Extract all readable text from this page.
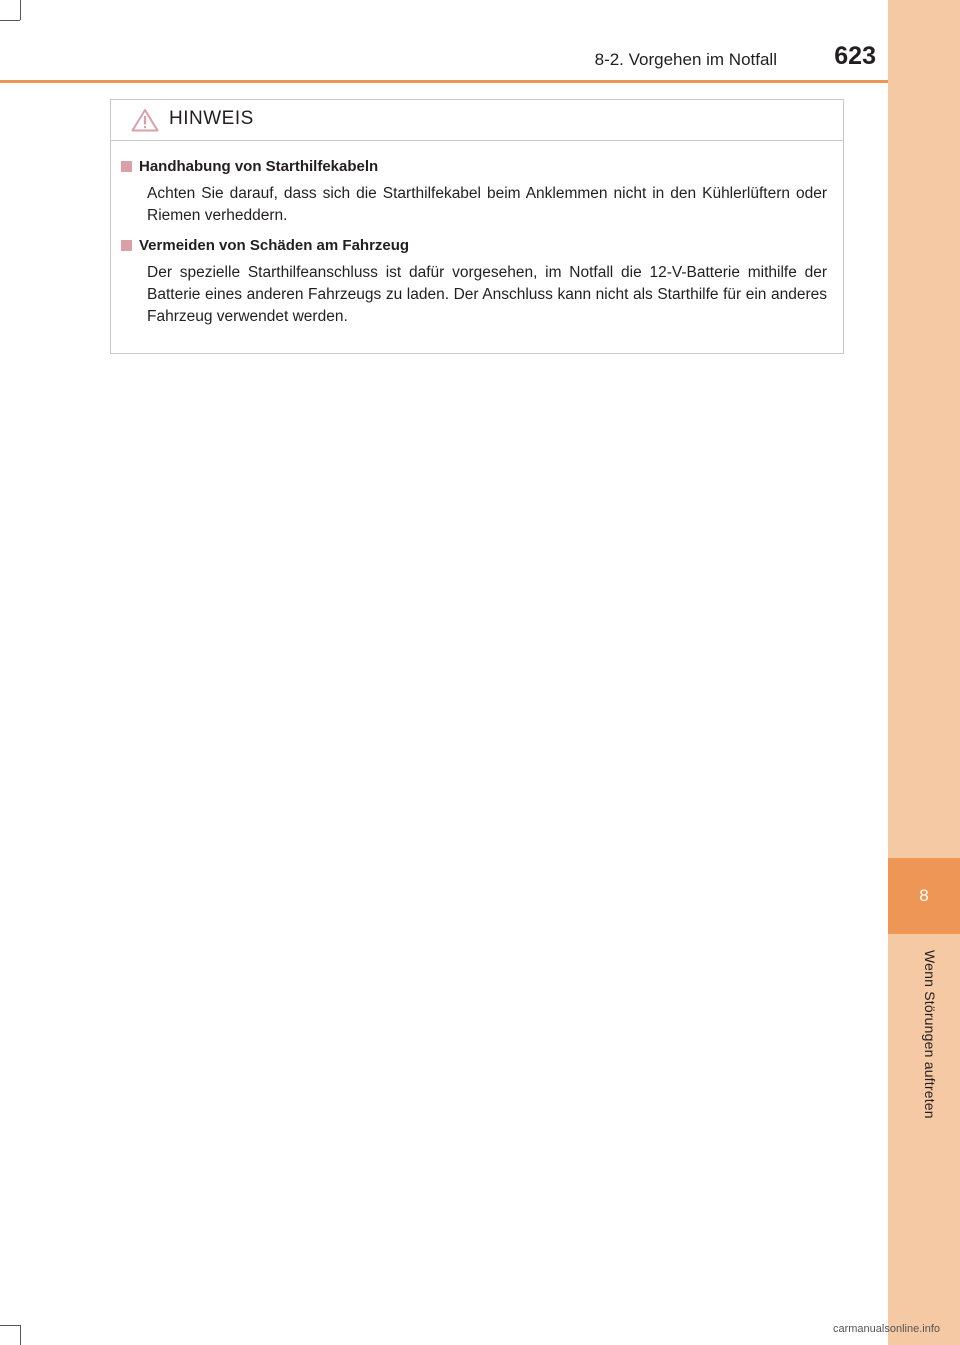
8-2. Vorgehen im Notfall 623
8
Wenn Störungen auftreten
HINWEIS
Handhabung von Starthilfekabeln
Achten Sie darauf, dass sich die Starthilfekabel beim Anklemmen nicht in den Kühlerlüftern oder Riemen verheddern.
Vermeiden von Schäden am Fahrzeug
Der spezielle Starthilfeanschluss ist dafür vorgesehen, im Notfall die 12-V-Batterie mithilfe der Batterie eines anderen Fahrzeugs zu laden. Der Anschluss kann nicht als Starthilfe für ein anderes Fahrzeug verwendet werden.
carmanualsonline.info
